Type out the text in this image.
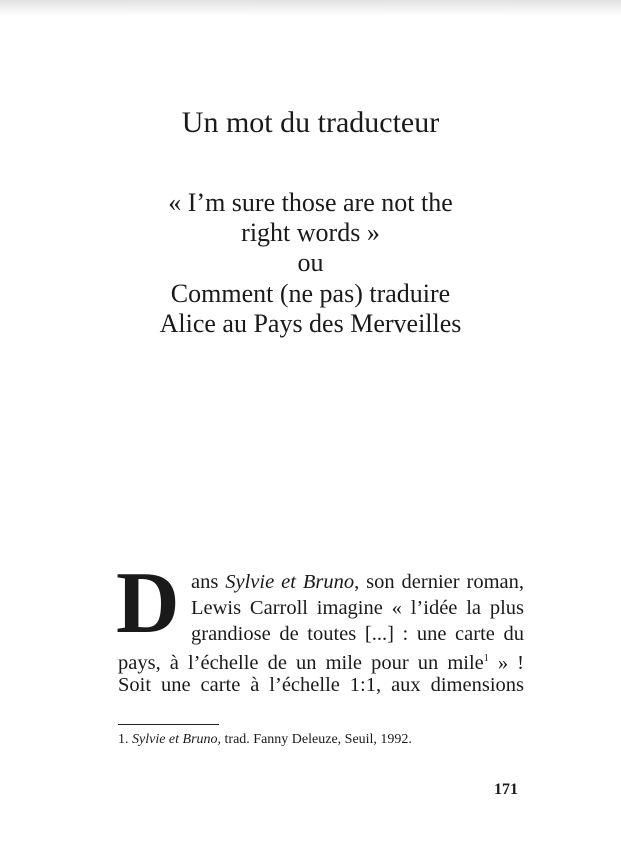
Un mot du traducteur
« I’m sure those are not the
right words »
ou
Comment (ne pas) traduire
Alice au Pays des Merveilles
D ans Sylvie et Bruno, son dernier roman,
Lewis Carroll imagine « l’idée la plus
grandiose de toutes [...] : une carte du
pays, à l’échelle de un mile pour un mile$^1$ » !
Soit une carte à l’échelle 1:1, aux dimensions
1. Sylvie et Bruno, trad. Fanny Deleuze, Seuil, 1992.
171
